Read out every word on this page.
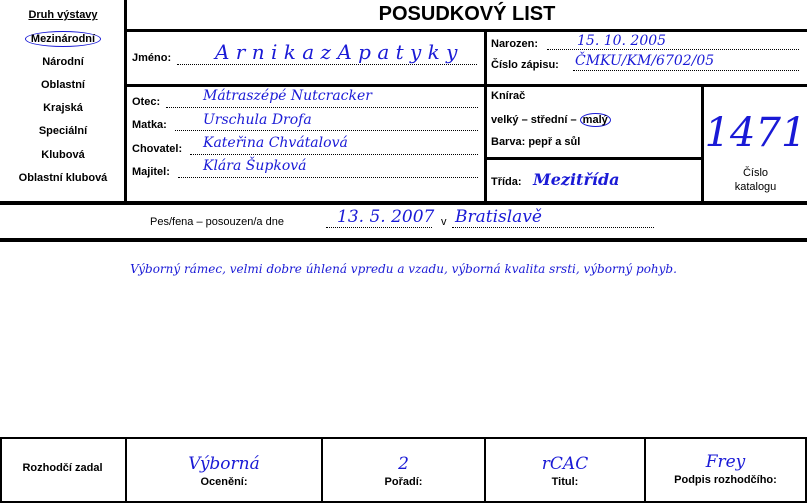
Druh výstavy
Mezinárodní
Národní
Oblastní
Krajská
Speciální
Klubová
Oblastní klubová
POSUDKOVÝ LIST
Jméno: A r n i k a z A p a t y k y	Narozen:	15. 10. 2005
Číslo zápisu: ČMKU/KM/6702/05
Otec:	Mátraszépé Nutcracker
Matka:	Urschula Drofa
Chovatel: Kateřina Chvátalová
Majitel: Klára Šupková
Knírač
velký – střední – malý
Barva: pepř a sůl
Třída: Mezitřída
1471
Číslo
katalogu
Pes/fena – posouzen/a dne	13. 5. 2007 v Bratislavě
Výborný rámec, velmi dobre úhlená vpredu a vzadu, výborná kvalita srsti, výborný pohyb.
Rozhodčí zadal	Výborná
Ocenění:
2
Pořadí:
rCAC
Titul:
Frey
Podpis rozhodčího:
